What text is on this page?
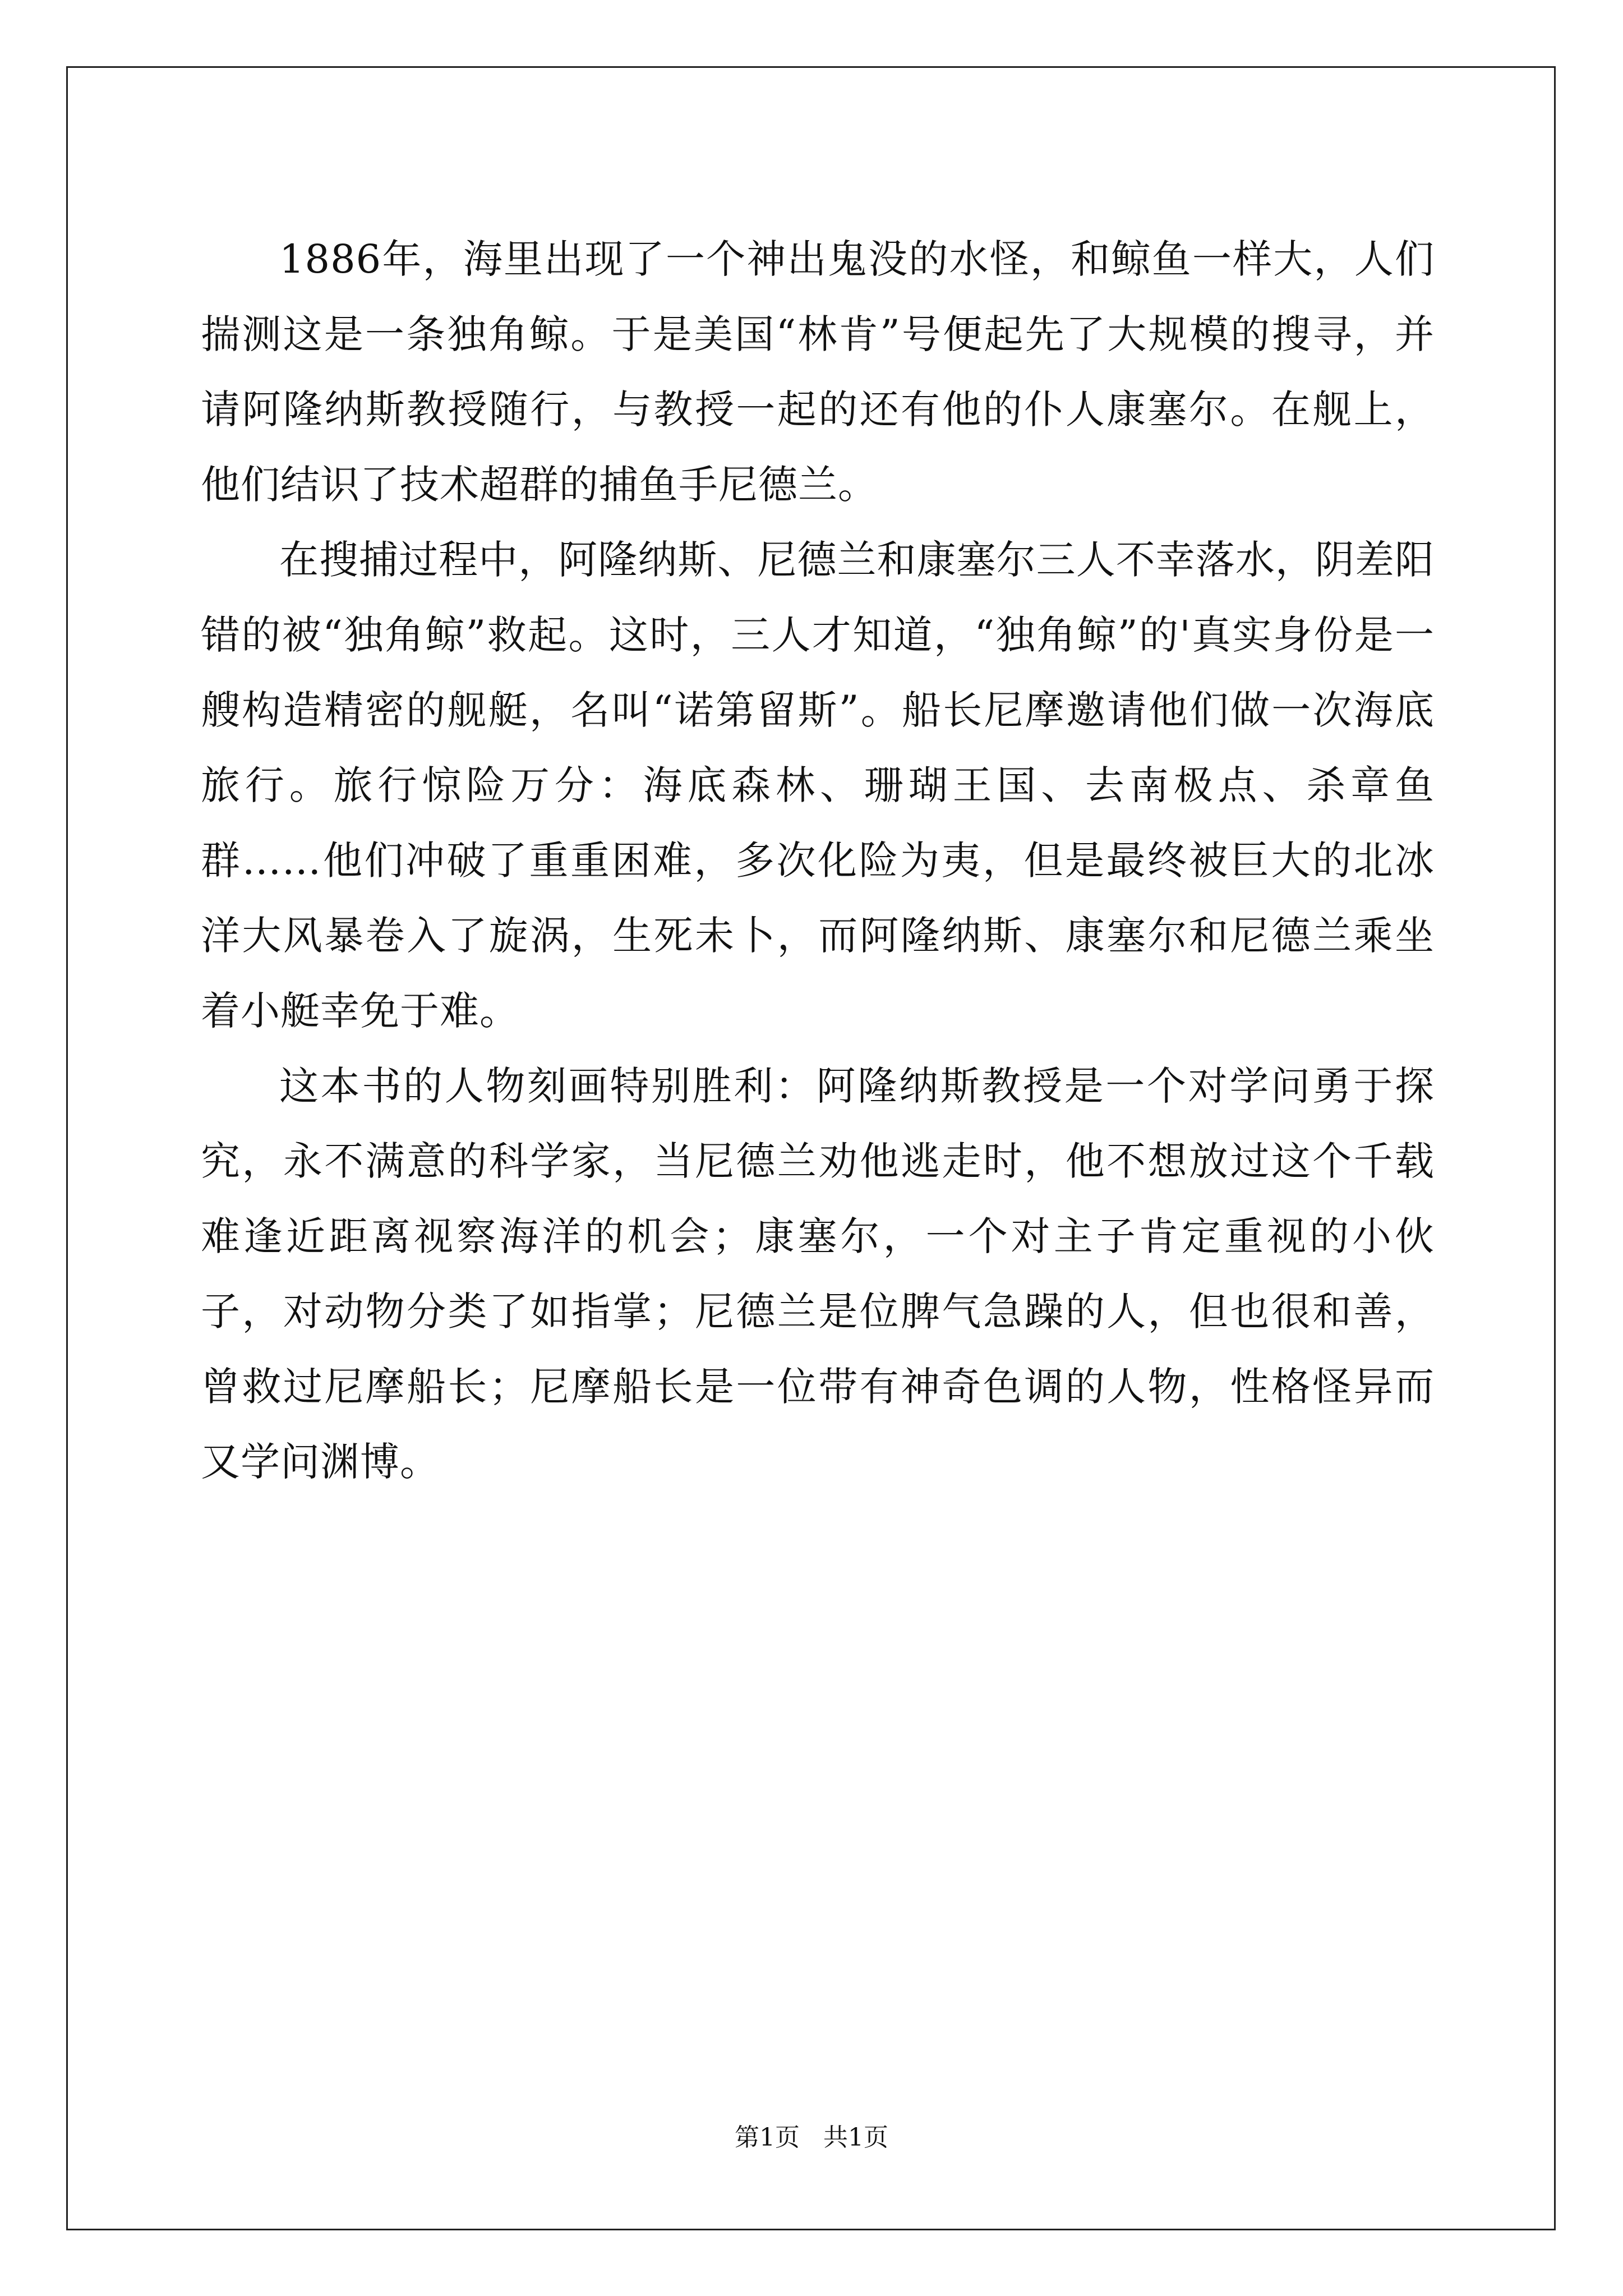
1886年，海里出现了一个神出鬼没的水怪，和鲸鱼一样大，人们揣测这是一条独角鲸。于是美国“林肯”号便起先了大规模的搜寻，并请阿隆纳斯教授随行，与教授一起的还有他的仆人康塞尔。在舰上，他们结识了技术超群的捕鱼手尼德兰。

在搜捕过程中，阿隆纳斯、尼德兰和康塞尔三人不幸落水，阴差阳错的被“独角鲸”救起。这时，三人才知道，“独角鲸”的'真实身份是一艘构造精密的舰艇，名叫“诺第留斯”。船长尼摩邀请他们做一次海底旅行。旅行惊险万分：海底森林、珊瑚王国、去南极点、杀章鱼群……他们冲破了重重困难，多次化险为夷，但是最终被巨大的北冰洋大风暴卷入了旋涡，生死未卜，而阿隆纳斯、康塞尔和尼德兰乘坐着小艇幸免于难。

这本书的人物刻画特别胜利：阿隆纳斯教授是一个对学问勇于探究，永不满意的科学家，当尼德兰劝他逃走时，他不想放过这个千载难逢近距离视察海洋的机会；康塞尔，一个对主子肯定重视的小伙子，对动物分类了如指掌；尼德兰是位脾气急躁的人，但也很和善，曾救过尼摩船长；尼摩船长是一位带有神奇色调的人物，性格怪异而又学问渊博。

第1页 共1页
